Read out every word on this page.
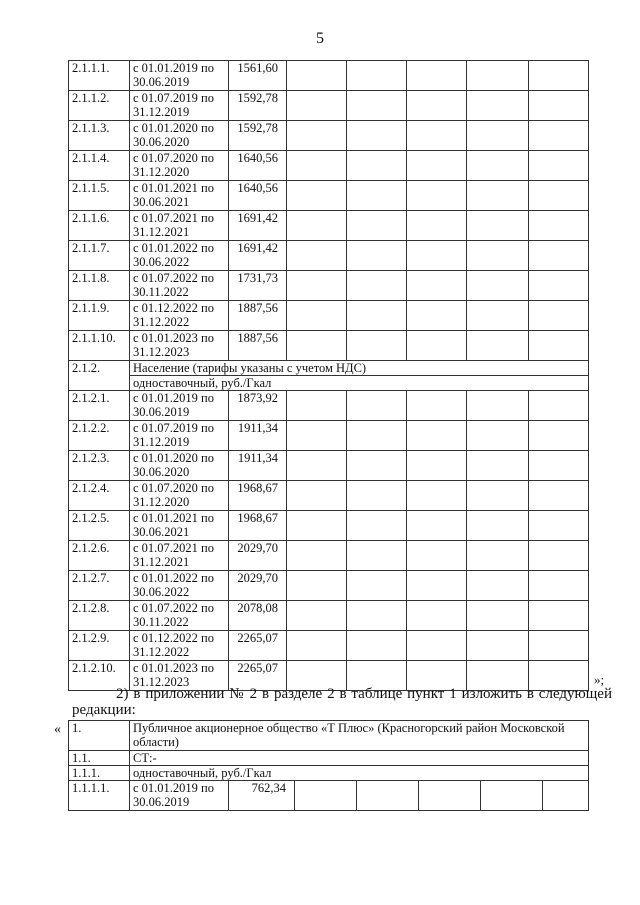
5
2.1.1.1.	с 01.01.2019 по 30.06.2019	1561,60					
2.1.1.2.	с 01.07.2019 по 31.12.2019	1592,78					
2.1.1.3.	с 01.01.2020 по 30.06.2020	1592,78					
2.1.1.4.	с 01.07.2020 по 31.12.2020	1640,56					
2.1.1.5.	с 01.01.2021 по 30.06.2021	1640,56					
2.1.1.6.	с 01.07.2021 по 31.12.2021	1691,42					
2.1.1.7.	с 01.01.2022 по 30.06.2022	1691,42					
2.1.1.8.	с 01.07.2022 по 30.11.2022	1731,73					
2.1.1.9.	с 01.12.2022 по 31.12.2022	1887,56					
2.1.1.10.	с 01.01.2023 по 31.12.2023	1887,56					
2.1.2.	Население (тарифы указаны с учетом НДС)						
	одноставочный, руб./Гкал						
2.1.2.1.	с 01.01.2019 по 30.06.2019	1873,92					
2.1.2.2.	с 01.07.2019 по 31.12.2019	1911,34					
2.1.2.3.	с 01.01.2020 по 30.06.2020	1911,34					
2.1.2.4.	с 01.07.2020 по 31.12.2020	1968,67					
2.1.2.5.	с 01.01.2021 по 30.06.2021	1968,67					
2.1.2.6.	с 01.07.2021 по 31.12.2021	2029,70					
2.1.2.7.	с 01.01.2022 по 30.06.2022	2029,70					
2.1.2.8.	с 01.07.2022 по 30.11.2022	2078,08					
2.1.2.9.	с 01.12.2022 по 31.12.2022	2265,07					
2.1.2.10.	с 01.01.2023 по 31.12.2023	2265,07					
»;
2) в приложении № 2 в разделе 2 в таблице пункт 1 изложить в следующей редакции:
« 1.	Публичное акционерное общество «Т Плюс» (Красногорский район Московской области)						
1.1.	СТ:-						
1.1.1.	одноставочный, руб./Гкал						
1.1.1.1.	с 01.01.2019 по 30.06.2019	762,34					
